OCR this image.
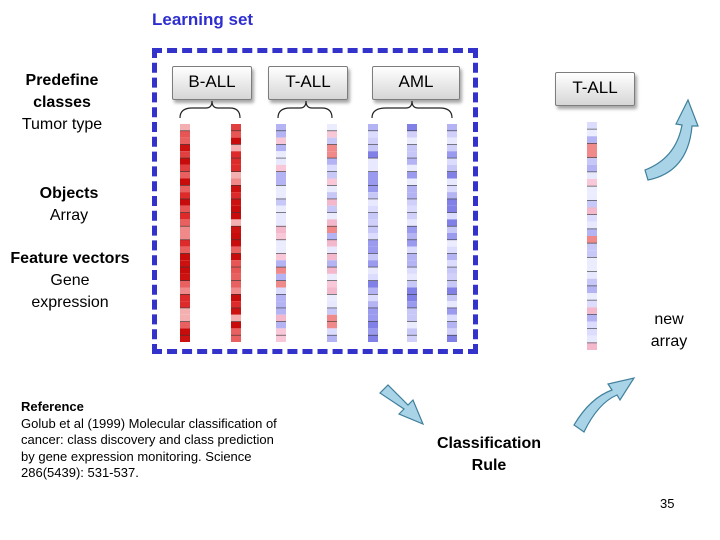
Learning set
Predefine
classes
Tumor type
Objects
Array
Feature vectors
Gene
expression
B-ALL	T-ALL	AML	T-ALL
new
array
Classification
Rule
Reference
Golub et al (1999) Molecular classification of cancer: class discovery and class prediction by gene expression monitoring. Science 286(5439): 531-537.
35
